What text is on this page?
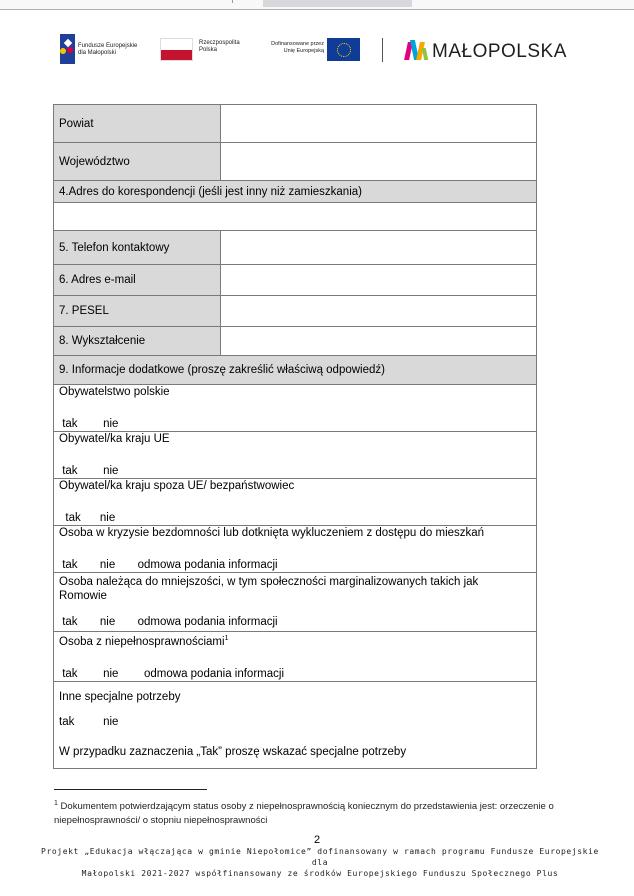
Fundusze Europejskie
dla Małopolski
Rzeczpospolita
Polska
Dofinansowane przez
Unię Europejską	MAŁOPOLSKA
Powiat	
Województwo	
4.Adres do korespondencji (jeśli jest inny niż zamieszkania)	

5. Telefon kontaktowy	
6. Adres e-mail	
7. PESEL	
8. Wykształcenie	
9. Informacje dodatkowe (proszę zakreślić właściwą odpowiedź)	

Obywatelstwo polskie
tak        nie	

Obywatel/ka kraju UE
tak        nie	

Obywatel/ka kraju spoza UE/ bezpaństwowiec
tak      nie	

Osoba w kryzysie bezdomności lub dotknięta wykluczeniem z dostępu do mieszkań
tak       nie       odmowa podania informacji	

Osoba należąca do mniejszości, w tym społeczności marginalizowanych takich jak Romowie
tak       nie       odmowa podania informacji	

Osoba z niepełnosprawnościami$^1$
tak        nie        odmowa podania informacji	

Inne specjalne potrzeby
tak         nie
W przypadku zaznaczenia „Tak” proszę wskazać specjalne potrzeby	
$^1$ Dokumentem potwierdzającym status osoby z niepełnosprawnością koniecznym do przedstawienia jest: orzeczenie o niepełnosprawności/ o stopniu niepełnosprawności
2
Projekt „Edukacja włączająca w gminie Niepołomice” dofinansowany w ramach programu Fundusze Europejskie dla
Małopolski 2021-2027 współfinansowany ze środków Europejskiego Funduszu Społecznego Plus
